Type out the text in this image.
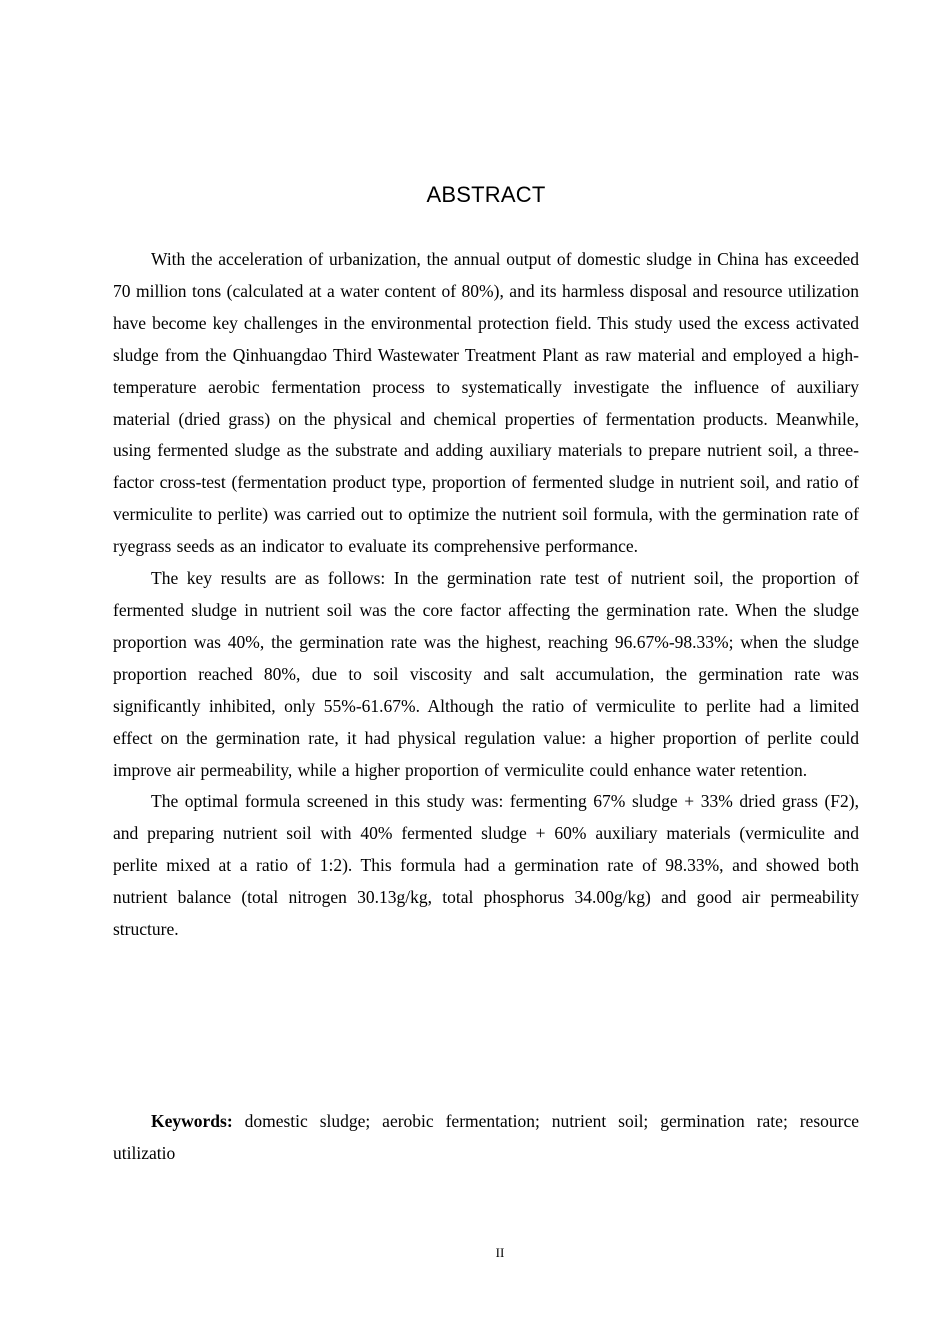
ABSTRACT

With the acceleration of urbanization, the annual output of domestic sludge in China has exceeded 70 million tons (calculated at a water content of 80%), and its harmless disposal and resource utilization have become key challenges in the environmental protection field. This study used the excess activated sludge from the Qinhuangdao Third Wastewater Treatment Plant as raw material and employed a high-temperature aerobic fermentation process to systematically investigate the influence of auxiliary material (dried grass) on the physical and chemical properties of fermentation products. Meanwhile, using fermented sludge as the substrate and adding auxiliary materials to prepare nutrient soil, a three-factor cross-test (fermentation product type, proportion of fermented sludge in nutrient soil, and ratio of vermiculite to perlite) was carried out to optimize the nutrient soil formula, with the germination rate of ryegrass seeds as an indicator to evaluate its comprehensive performance.

The key results are as follows: In the germination rate test of nutrient soil, the proportion of fermented sludge in nutrient soil was the core factor affecting the germination rate. When the sludge proportion was 40%, the germination rate was the highest, reaching 96.67%-98.33%; when the sludge proportion reached 80%, due to soil viscosity and salt accumulation, the germination rate was significantly inhibited, only 55%-61.67%. Although the ratio of vermiculite to perlite had a limited effect on the germination rate, it had physical regulation value: a higher proportion of perlite could improve air permeability, while a higher proportion of vermiculite could enhance water retention.

The optimal formula screened in this study was: fermenting 67% sludge + 33% dried grass (F2), and preparing nutrient soil with 40% fermented sludge + 60% auxiliary materials (vermiculite and perlite mixed at a ratio of 1:2). This formula had a germination rate of 98.33%, and showed both nutrient balance (total nitrogen 30.13g/kg, total phosphorus 34.00g/kg) and good air permeability structure.

Keywords: domestic sludge; aerobic fermentation; nutrient soil; germination rate; resource utilizatio
II
